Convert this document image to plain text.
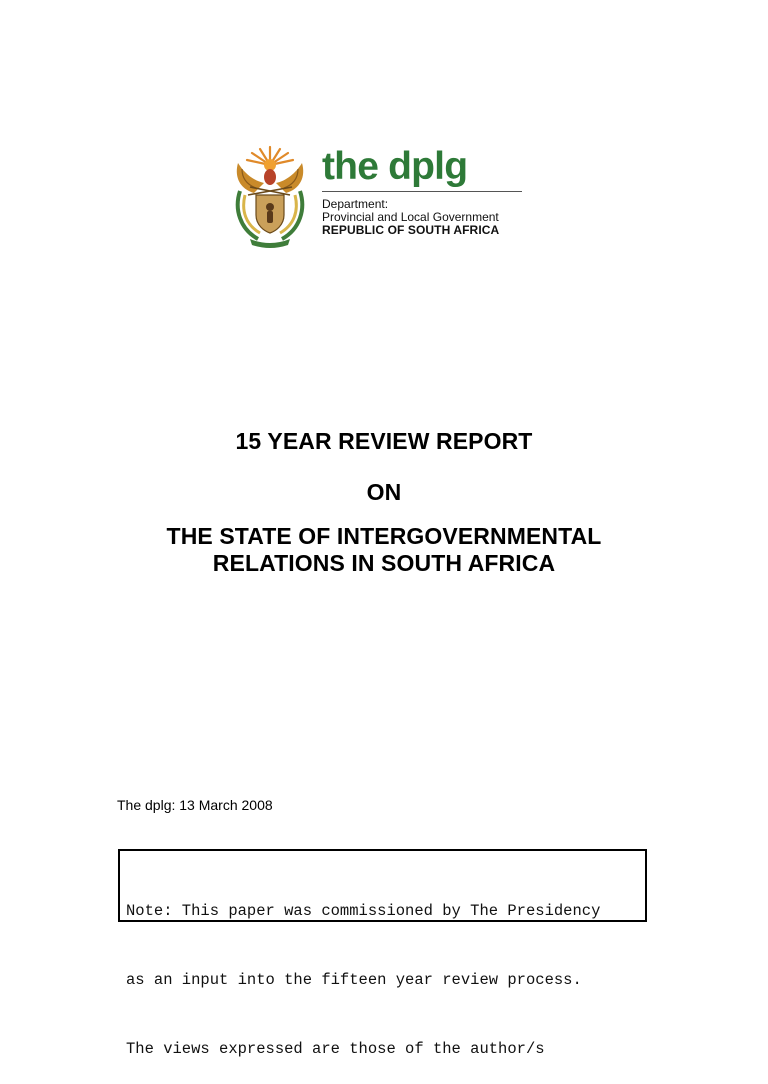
the dplg

Department:
Provincial and Local Government
REPUBLIC OF SOUTH AFRICA

15 YEAR REVIEW REPORT

ON

THE STATE OF INTERGOVERNMENTAL

RELATIONS IN SOUTH AFRICA

The dplg: 13 March 2008

Note: This paper was commissioned by The Presidency

as an input into the fifteen year review process.

The views expressed are those of the author/s
